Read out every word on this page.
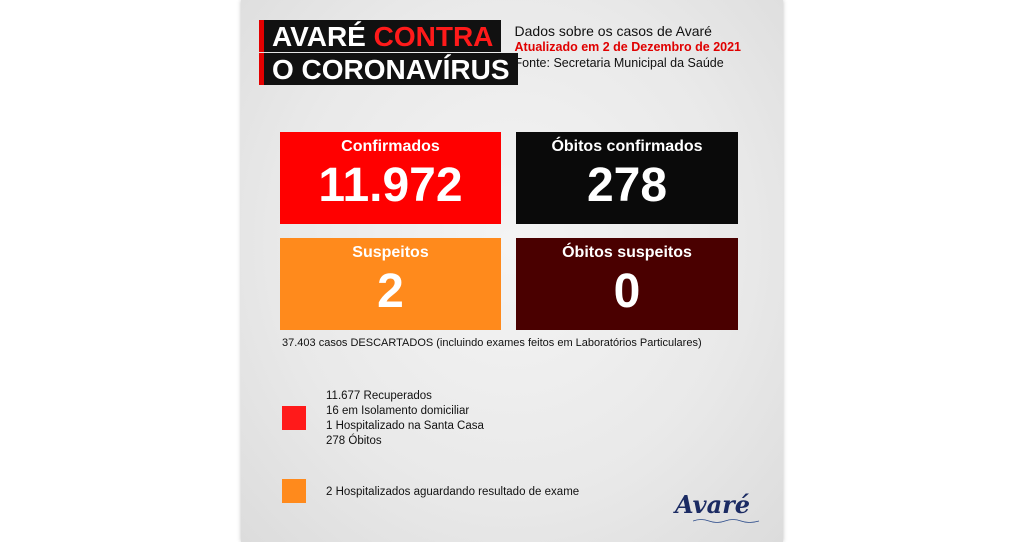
AVARÉ CONTRA
O CORONAVÍRUS
Dados sobre os casos de Avaré
Atualizado em 2 de Dezembro de 2021
Fonte: Secretaria Municipal da Saúde
Confirmados
11.972
Óbitos confirmados
278
Suspeitos
2
Óbitos suspeitos
0
37.403 casos DESCARTADOS (incluindo exames feitos em Laboratórios Particulares)
11.677 Recuperados
16 em Isolamento domiciliar
1 Hospitalizado na Santa Casa
278 Óbitos
2 Hospitalizados aguardando resultado de exame	Avaré
